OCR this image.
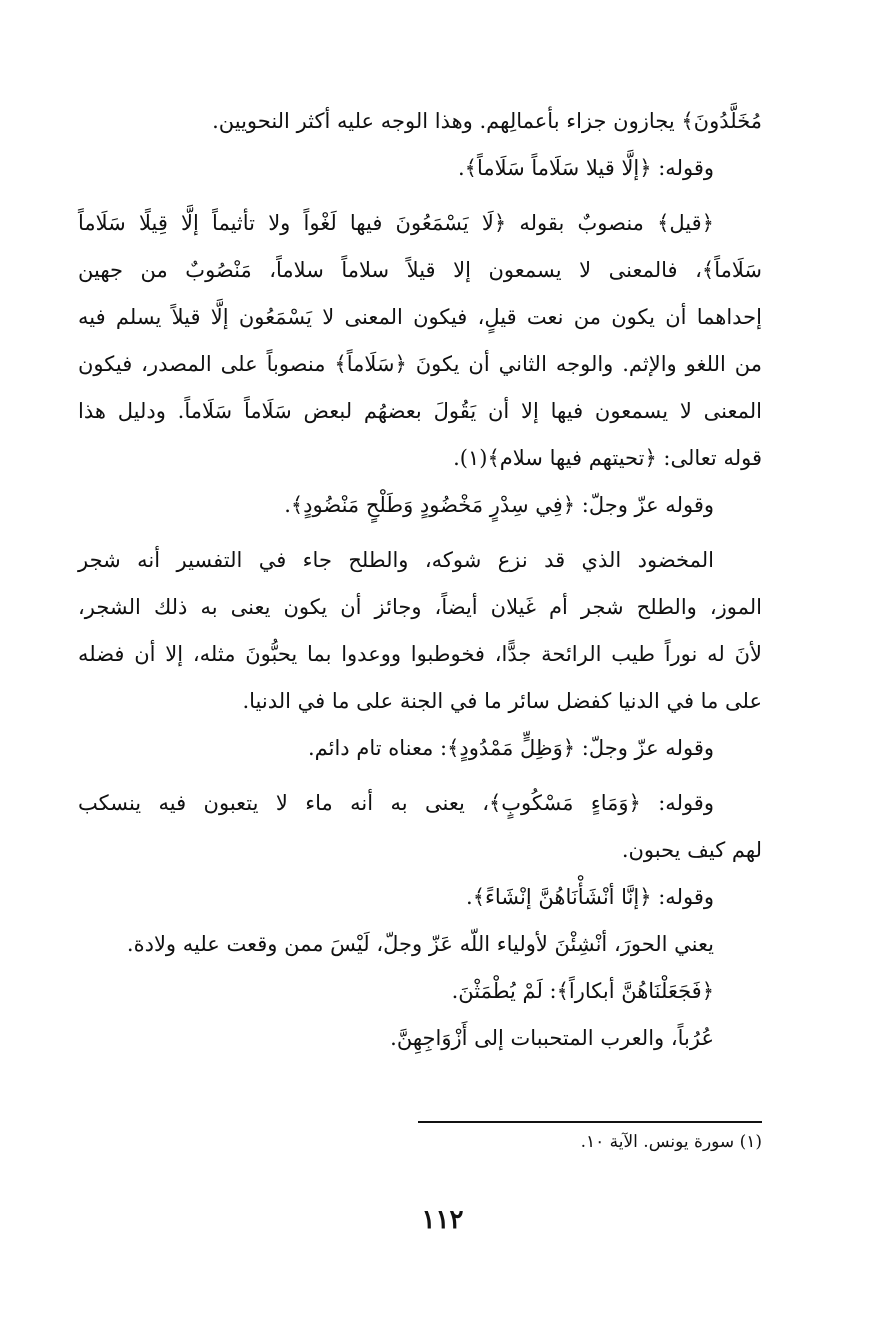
مُخَلَّدُونَ﴾ يجازون جزاء بأعمالِهم. وهذا الوجه عليه أكثر النحويين.
وقوله: ﴿إلَّا قيلا سَلَاماً سَلَاماً﴾.
﴿قيل﴾ منصوبٌ بقوله ﴿لَا يَسْمَعُونَ فيها لَغْواً ولا تأثيماً إلَّا قِيلًا سَلَاماً
سَلَاماً﴾، فالمعنى لا يسمعون إلا قيلاً سلاماً سلاماً، مَنْصُوبٌ من جهين
إحداهما أن يكون من نعت قيلٍ، فيكون المعنى لا يَسْمَعُون إلَّا قيلاً يسلم فيه
من اللغو والإثم. والوجه الثاني أن يكونَ ﴿سَلَاماً﴾ منصوباً على المصدر، فيكون
المعنى لا يسمعون فيها إلا أن يَقُولَ بعضهُم لبعض سَلَاماً سَلَاماً. ودليل هذا
قوله تعالى: ﴿تحيتهم فيها سلام﴾(١).
وقوله عزّ وجلّ: ﴿فِي سِدْرٍ مَخْضُودٍ وَطَلْحٍ مَنْضُودٍ﴾.
المخضود الذي قد نزع شوكه، والطلح جاء في التفسير أنه شجر
الموز، والطلح شجر أم غَيلان أيضاً، وجائز أن يكون يعنى به ذلك الشجر،
لأنَ له نوراً طيب الرائحة جدًّا، فخوطبوا ووعدوا بما يحبُّونَ مثله، إلا أن فضله
على ما في الدنيا كفضل سائر ما في الجنة على ما في الدنيا.
وقوله عزّ وجلّ: ﴿وَظِلٍّ مَمْدُودٍ﴾: معناه تام دائم.
وقوله: ﴿وَمَاءٍ مَسْكُوبٍ﴾، يعنى به أنه ماء لا يتعبون فيه ينسكب
لهم كيف يحبون.
وقوله: ﴿إنَّا أنْشَأْنَاهُنَّ إنْشَاءً﴾.
يعني الحورَ، أنْشِئْنَ لأولياء اللّه عَزّ وجلّ، لَيْسَ ممن وقعت عليه ولادة.
﴿فَجَعَلْنَاهُنَّ أبكاراً﴾: لَمْ يُطْمَثْنَ.
عُرُباً، والعرب المتحببات إلى أَزْوَاجِهِنَّ.
(١) سورة يونس. الآية ١٠.
١١٢
